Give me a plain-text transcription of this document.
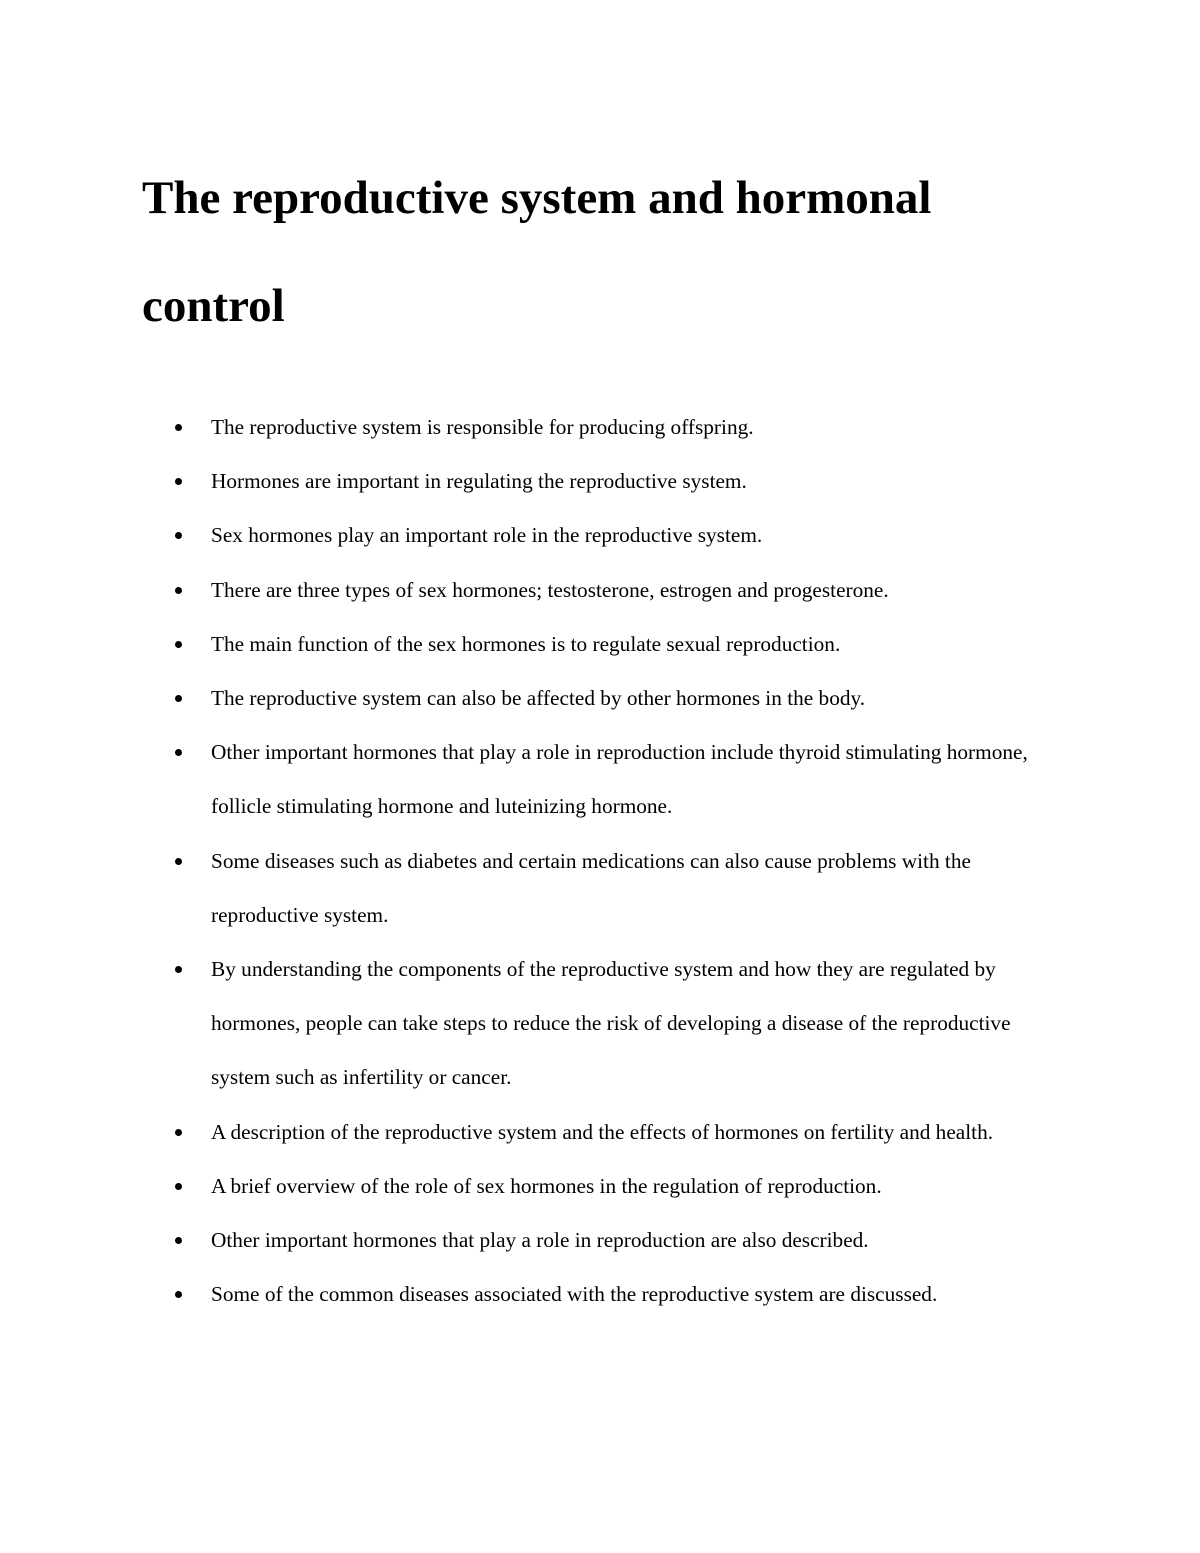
The reproductive system and hormonal control
The reproductive system is responsible for producing offspring.
Hormones are important in regulating the reproductive system.
Sex hormones play an important role in the reproductive system.
There are three types of sex hormones; testosterone, estrogen and progesterone.
The main function of the sex hormones is to regulate sexual reproduction.
The reproductive system can also be affected by other hormones in the body.
Other important hormones that play a role in reproduction include thyroid stimulating hormone, follicle stimulating hormone and luteinizing hormone.
Some diseases such as diabetes and certain medications can also cause problems with the reproductive system.
By understanding the components of the reproductive system and how they are regulated by hormones, people can take steps to reduce the risk of developing a disease of the reproductive system such as infertility or cancer.
A description of the reproductive system and the effects of hormones on fertility and health.
A brief overview of the role of sex hormones in the regulation of reproduction.
Other important hormones that play a role in reproduction are also described.
Some of the common diseases associated with the reproductive system are discussed.
